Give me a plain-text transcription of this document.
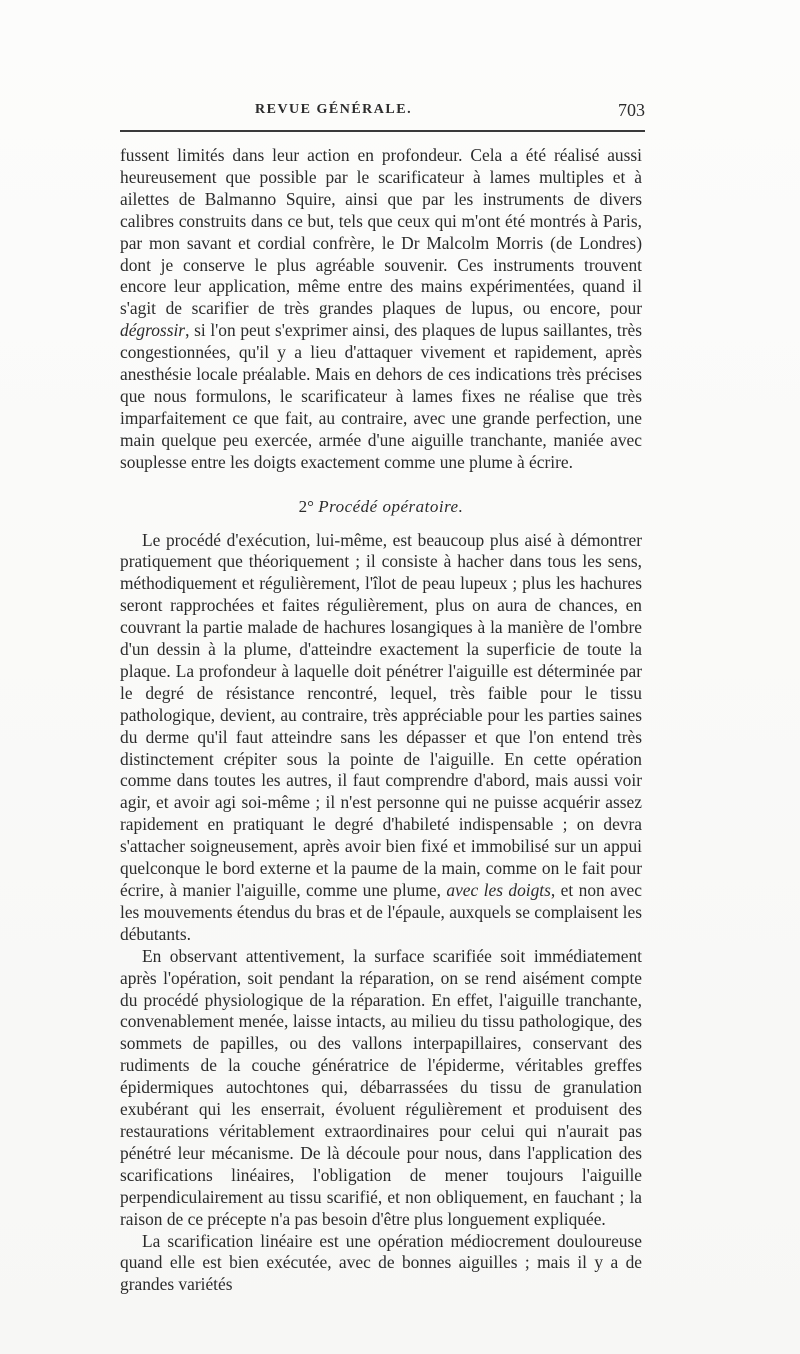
REVUE GÉNÉRALE.	703

fussent limités dans leur action en profondeur. Cela a été réalisé aussi heureusement que possible par le scarificateur à lames multiples et à ailettes de Balmanno Squire, ainsi que par les instruments de divers calibres construits dans ce but, tels que ceux qui m'ont été montrés à Paris, par mon savant et cordial confrère, le Dr Malcolm Morris (de Londres) dont je conserve le plus agréable souvenir. Ces instruments trouvent encore leur application, même entre des mains expérimentées, quand il s'agit de scarifier de très grandes plaques de lupus, ou encore, pour dégrossir, si l'on peut s'exprimer ainsi, des plaques de lupus saillantes, très congestionnées, qu'il y a lieu d'attaquer vivement et rapidement, après anesthésie locale préalable. Mais en dehors de ces indications très précises que nous formulons, le scarificateur à lames fixes ne réalise que très imparfaitement ce que fait, au contraire, avec une grande perfection, une main quelque peu exercée, armée d'une aiguille tranchante, maniée avec souplesse entre les doigts exactement comme une plume à écrire.

2° Procédé opératoire.

Le procédé d'exécution, lui-même, est beaucoup plus aisé à démontrer pratiquement que théoriquement ; il consiste à hacher dans tous les sens, méthodiquement et régulièrement, l'îlot de peau lupeux ; plus les hachures seront rapprochées et faites régulièrement, plus on aura de chances, en couvrant la partie malade de hachures losangiques à la manière de l'ombre d'un dessin à la plume, d'atteindre exactement la superficie de toute la plaque. La profondeur à laquelle doit pénétrer l'aiguille est déterminée par le degré de résistance rencontré, lequel, très faible pour le tissu pathologique, devient, au contraire, très appréciable pour les parties saines du derme qu'il faut atteindre sans les dépasser et que l'on entend très distinctement crépiter sous la pointe de l'aiguille. En cette opération comme dans toutes les autres, il faut comprendre d'abord, mais aussi voir agir, et avoir agi soi-même ; il n'est personne qui ne puisse acquérir assez rapidement en pratiquant le degré d'habileté indispensable ; on devra s'attacher soigneusement, après avoir bien fixé et immobilisé sur un appui quelconque le bord externe et la paume de la main, comme on le fait pour écrire, à manier l'aiguille, comme une plume, avec les doigts, et non avec les mouvements étendus du bras et de l'épaule, auxquels se complaisent les débutants.

En observant attentivement, la surface scarifiée soit immédiatement après l'opération, soit pendant la réparation, on se rend aisément compte du procédé physiologique de la réparation. En effet, l'aiguille tranchante, convenablement menée, laisse intacts, au milieu du tissu pathologique, des sommets de papilles, ou des vallons interpapillaires, conservant des rudiments de la couche génératrice de l'épiderme, véritables greffes épidermiques autochtones qui, débarrassées du tissu de granulation exubérant qui les enserrait, évoluent régulièrement et produisent des restaurations véritablement extraordinaires pour celui qui n'aurait pas pénétré leur mécanisme. De là découle pour nous, dans l'application des scarifications linéaires, l'obligation de mener toujours l'aiguille perpendiculairement au tissu scarifié, et non obliquement, en fauchant ; la raison de ce précepte n'a pas besoin d'être plus longuement expliquée.

La scarification linéaire est une opération médiocrement douloureuse quand elle est bien exécutée, avec de bonnes aiguilles ; mais il y a de grandes variétés
